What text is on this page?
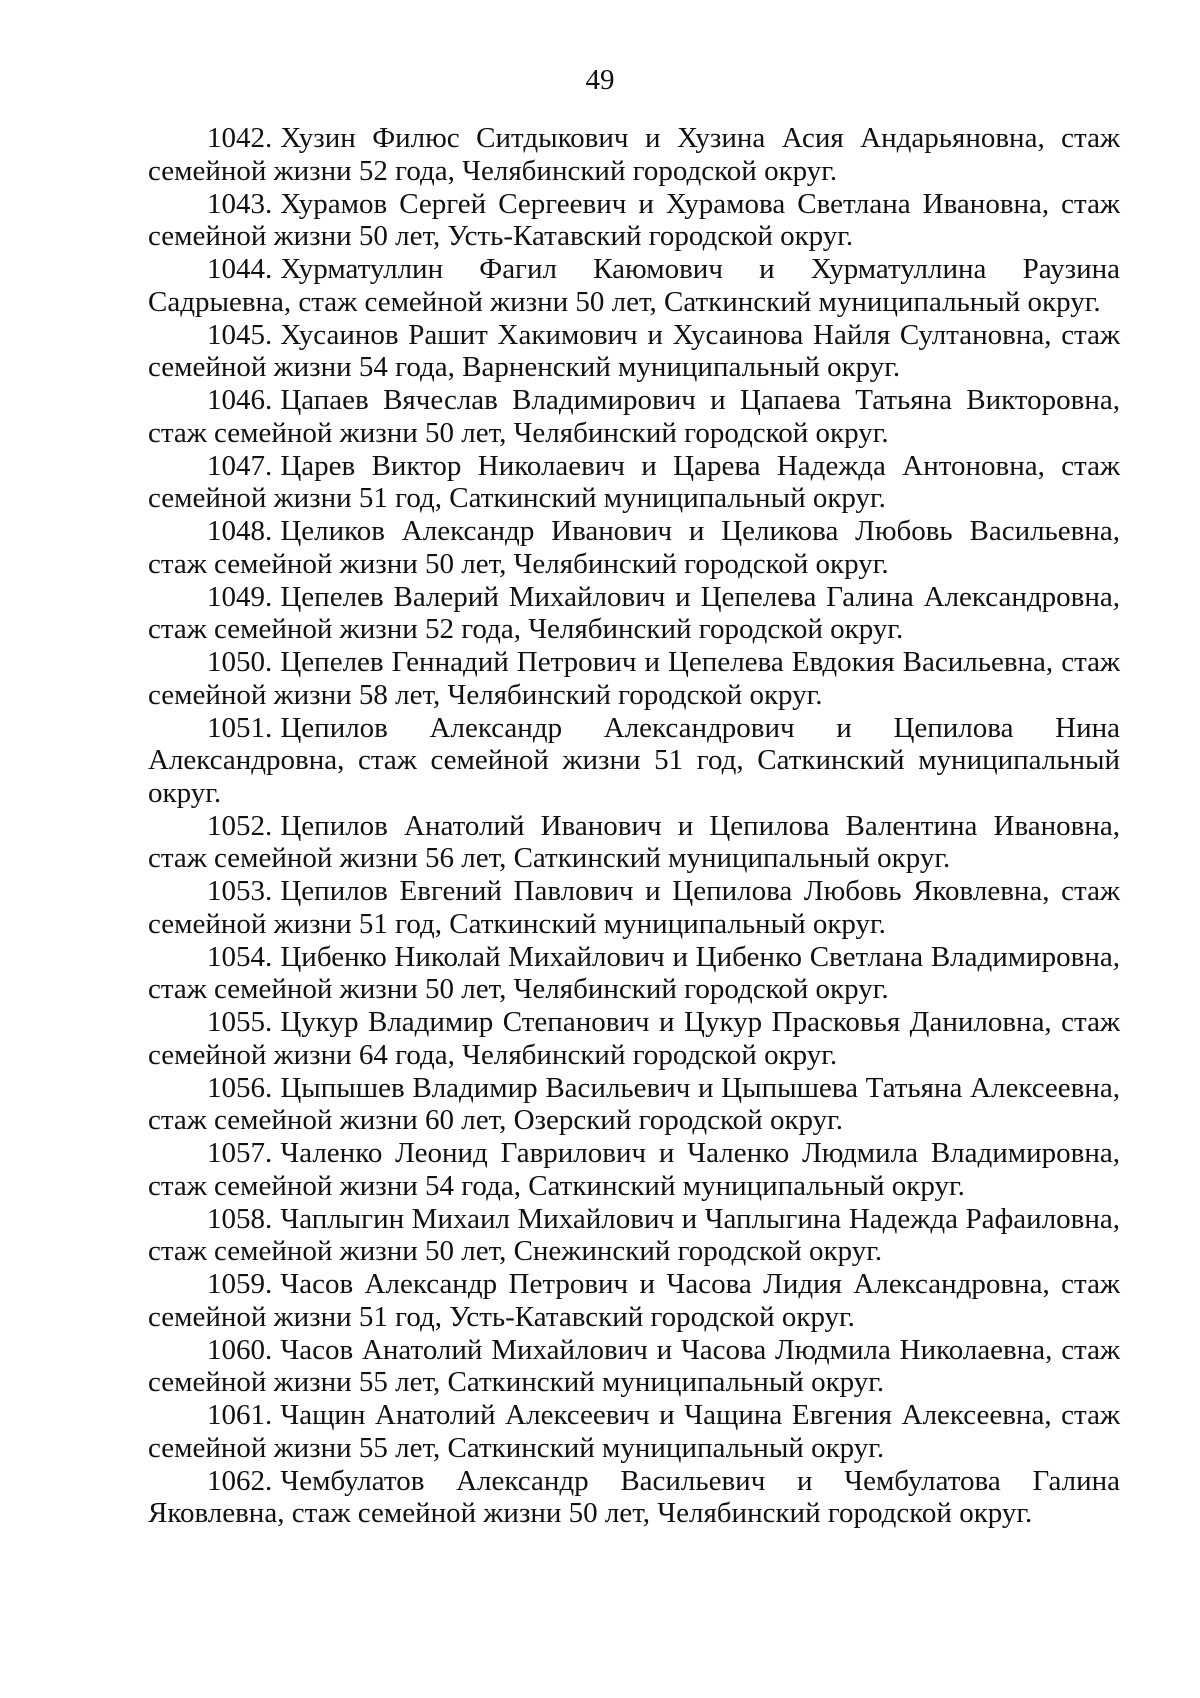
49

1042. Хузин Филюс Ситдыкович и Хузина Асия Андарьяновна, стаж семейной жизни 52 года, Челябинский городской округ.

1043. Хурамов Сергей Сергеевич и Хурамова Светлана Ивановна, стаж семейной жизни 50 лет, Усть-Катавский городской округ.

1044. Хурматуллин Фагил Каюмович и Хурматуллина Раузина Садрыевна, стаж семейной жизни 50 лет, Саткинский муниципальный округ.

1045. Хусаинов Рашит Хакимович и Хусаинова Найля Султановна, стаж семейной жизни 54 года, Варненский муниципальный округ.

1046. Цапаев Вячеслав Владимирович и Цапаева Татьяна Викторовна, стаж семейной жизни 50 лет, Челябинский городской округ.

1047. Царев Виктор Николаевич и Царева Надежда Антоновна, стаж семейной жизни 51 год, Саткинский муниципальный округ.

1048. Целиков Александр Иванович и Целикова Любовь Васильевна, стаж семейной жизни 50 лет, Челябинский городской округ.

1049. Цепелев Валерий Михайлович и Цепелева Галина Александровна, стаж семейной жизни 52 года, Челябинский городской округ.

1050. Цепелев Геннадий Петрович и Цепелева Евдокия Васильевна, стаж семейной жизни 58 лет, Челябинский городской округ.

1051. Цепилов Александр Александрович и Цепилова Нина Александровна, стаж семейной жизни 51 год, Саткинский муниципальный округ.

1052. Цепилов Анатолий Иванович и Цепилова Валентина Ивановна, стаж семейной жизни 56 лет, Саткинский муниципальный округ.

1053. Цепилов Евгений Павлович и Цепилова Любовь Яковлевна, стаж семейной жизни 51 год, Саткинский муниципальный округ.

1054. Цибенко Николай Михайлович и Цибенко Светлана Владимировна, стаж семейной жизни 50 лет, Челябинский городской округ.

1055. Цукур Владимир Степанович и Цукур Прасковья Даниловна, стаж семейной жизни 64 года, Челябинский городской округ.

1056. Цыпышев Владимир Васильевич и Цыпышева Татьяна Алексеевна, стаж семейной жизни 60 лет, Озерский городской округ.

1057. Чаленко Леонид Гаврилович и Чаленко Людмила Владимировна, стаж семейной жизни 54 года, Саткинский муниципальный округ.

1058. Чаплыгин Михаил Михайлович и Чаплыгина Надежда Рафаиловна, стаж семейной жизни 50 лет, Снежинский городской округ.

1059. Часов Александр Петрович и Часова Лидия Александровна, стаж семейной жизни 51 год, Усть-Катавский городской округ.

1060. Часов Анатолий Михайлович и Часова Людмила Николаевна, стаж семейной жизни 55 лет, Саткинский муниципальный округ.

1061. Чащин Анатолий Алексеевич и Чащина Евгения Алексеевна, стаж семейной жизни 55 лет, Саткинский муниципальный округ.

1062. Чембулатов Александр Васильевич и Чембулатова Галина Яковлевна, стаж семейной жизни 50 лет, Челябинский городской округ.
